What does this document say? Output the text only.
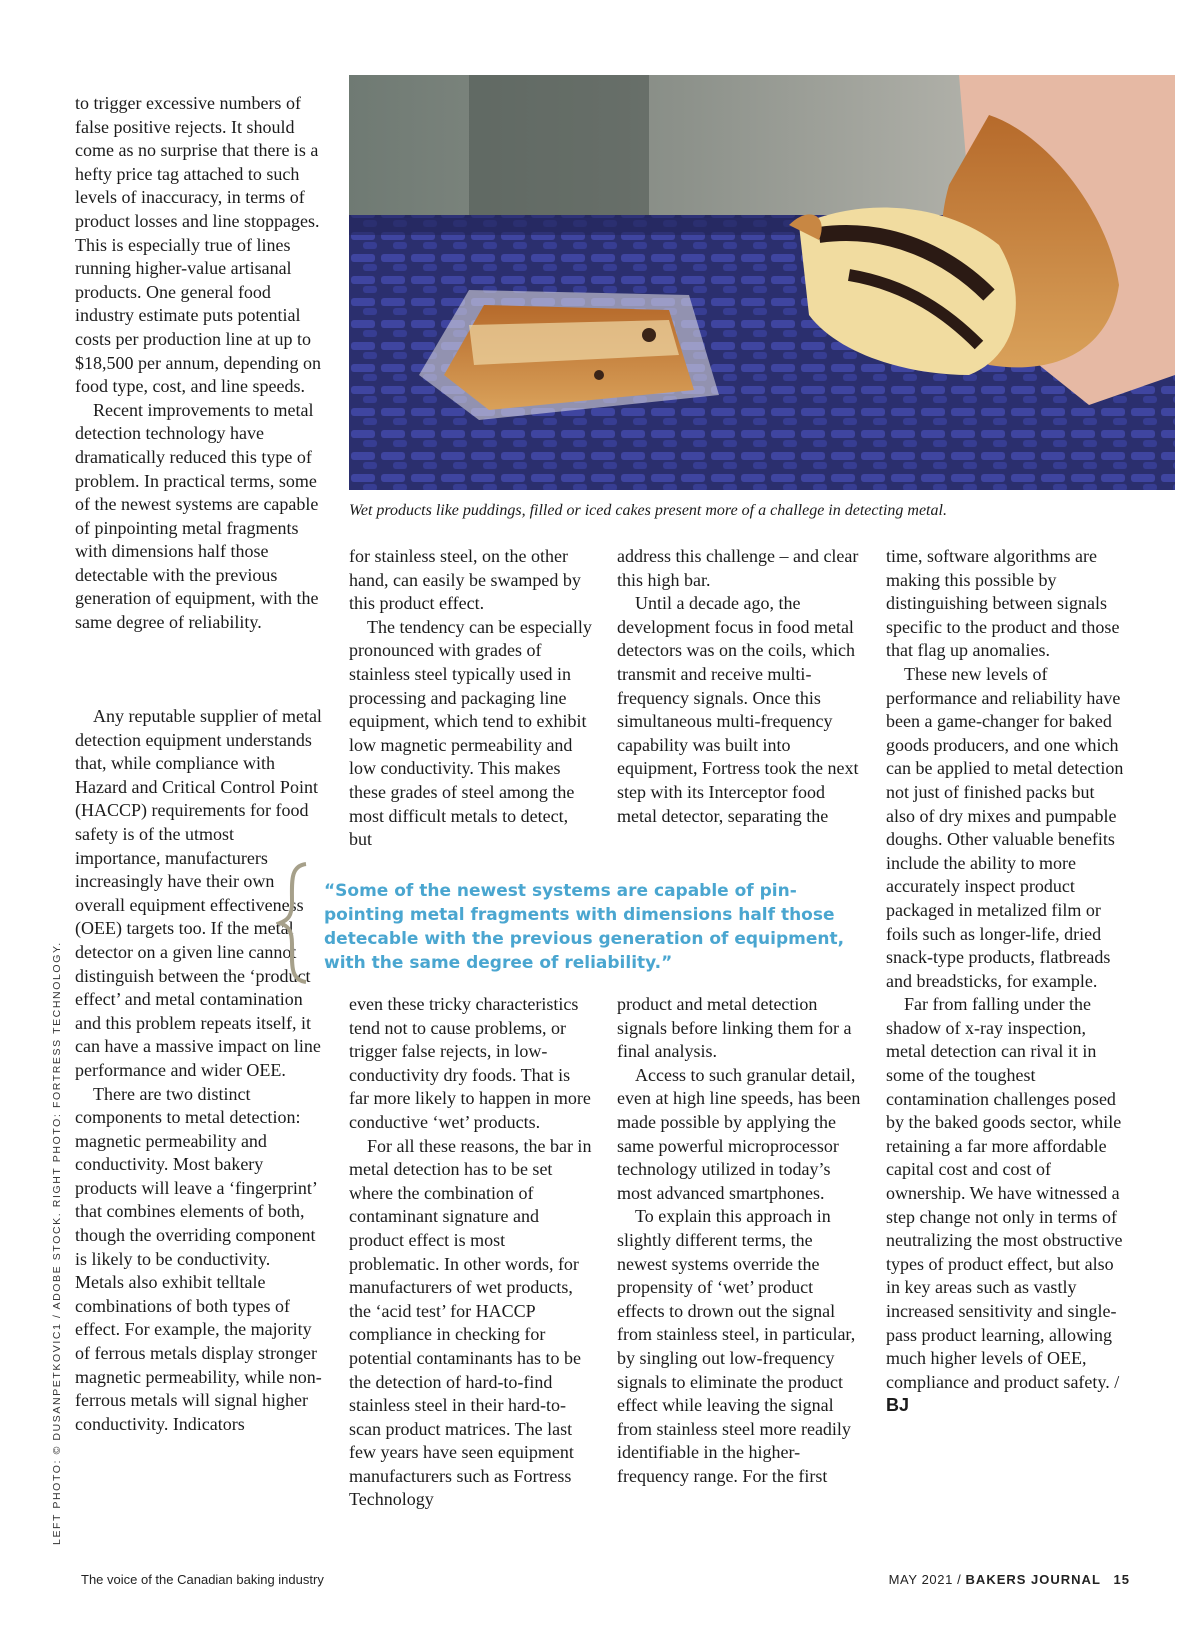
Wet products like puddings, filled or iced cakes present more of a challege in detecting metal.
LEFT PHOTO: © DUSANPETKOVIC1 / ADOBE STOCK. RIGHT PHOTO: FORTRESS TECHNOLOGY.

to trigger excessive numbers of false positive rejects. It should come as no surprise that there is a hefty price tag attached to such levels of inaccuracy, in terms of product losses and line stoppages. This is especially true of lines running higher-value artisanal products. One general food industry estimate puts potential costs per production line at up to $18,500 per annum, depending on food type, cost, and line speeds.

Recent improvements to metal detection technology have dramatically reduced this type of problem. In practical terms, some of the newest systems are capable of pinpointing metal fragments with dimensions half those detectable with the previous generation of equipment, with the same degree of reliability.

Any reputable supplier of metal detection equipment understands that, while compliance with Hazard and Critical Control Point (HACCP) requirements for food safety is of the utmost importance, manufacturers increasingly have their own overall equipment effectiveness (OEE) targets too. If the metal detector on a given line cannot distinguish between the ‘product effect’ and metal contamination and this problem repeats itself, it can have a massive impact on line performance and wider OEE.

There are two distinct components to metal detection: magnetic permeability and conductivity. Most bakery products will leave a ‘fingerprint’ that combines elements of both, though the overriding component is likely to be conductivity. Metals also exhibit telltale combinations of both types of effect. For example, the majority of ferrous metals display stronger magnetic permeability, while non-ferrous metals will signal higher conductivity. Indicators

for stainless steel, on the other hand, can easily be swamped by this product effect.

The tendency can be especially pronounced with grades of stainless steel typically used in processing and packaging line equipment, which tend to exhibit low magnetic permeability and low conductivity. This makes these grades of steel among the most difficult metals to detect, but

address this challenge – and clear this high bar.

Until a decade ago, the development focus in food metal detectors was on the coils, which transmit and receive multi-frequency signals. Once this simultaneous multi-frequency capability was built into equipment, Fortress took the next step with its Interceptor food metal detector, separating the

“Some of the newest systems are capable of pin-pointing metal fragments with dimensions half those detecable with the previous generation of equipment, with the same degree of reliability.”

even these tricky characteristics tend not to cause problems, or trigger false rejects, in low-conductivity dry foods. That is far more likely to happen in more conductive ‘wet’ products.

For all these reasons, the bar in metal detection has to be set where the combination of contaminant signature and product effect is most problematic. In other words, for manufacturers of wet products, the ‘acid test’ for HACCP compliance in checking for potential contaminants has to be the detection of hard-to-find stainless steel in their hard-to-scan product matrices. The last few years have seen equipment manufacturers such as Fortress Technology

product and metal detection signals before linking them for a final analysis.

Access to such granular detail, even at high line speeds, has been made possible by applying the same powerful microprocessor technology utilized in today’s most advanced smartphones.

To explain this approach in slightly different terms, the newest systems override the propensity of ‘wet’ product effects to drown out the signal from stainless steel, in particular, by singling out low-frequency signals to eliminate the product effect while leaving the signal from stainless steel more readily identifiable in the higher-frequency range. For the first

time, software algorithms are making this possible by distinguishing between signals specific to the product and those that flag up anomalies.

These new levels of performance and reliability have been a game-changer for baked goods producers, and one which can be applied to metal detection not just of finished packs but also of dry mixes and pumpable doughs. Other valuable benefits include the ability to more accurately inspect product packaged in metalized film or foils such as longer-life, dried snack-type products, flatbreads and breadsticks, for example.

Far from falling under the shadow of x-ray inspection, metal detection can rival it in some of the toughest contamination challenges posed by the baked goods sector, while retaining a far more affordable capital cost and cost of ownership. We have witnessed a step change not only in terms of neutralizing the most obstructive types of product effect, but also in key areas such as vastly increased sensitivity and single-pass product learning, allowing much higher levels of OEE, compliance and product safety. / BJ

The voice of the Canadian baking industry	MAY 2021 / BAKERS JOURNAL 15
